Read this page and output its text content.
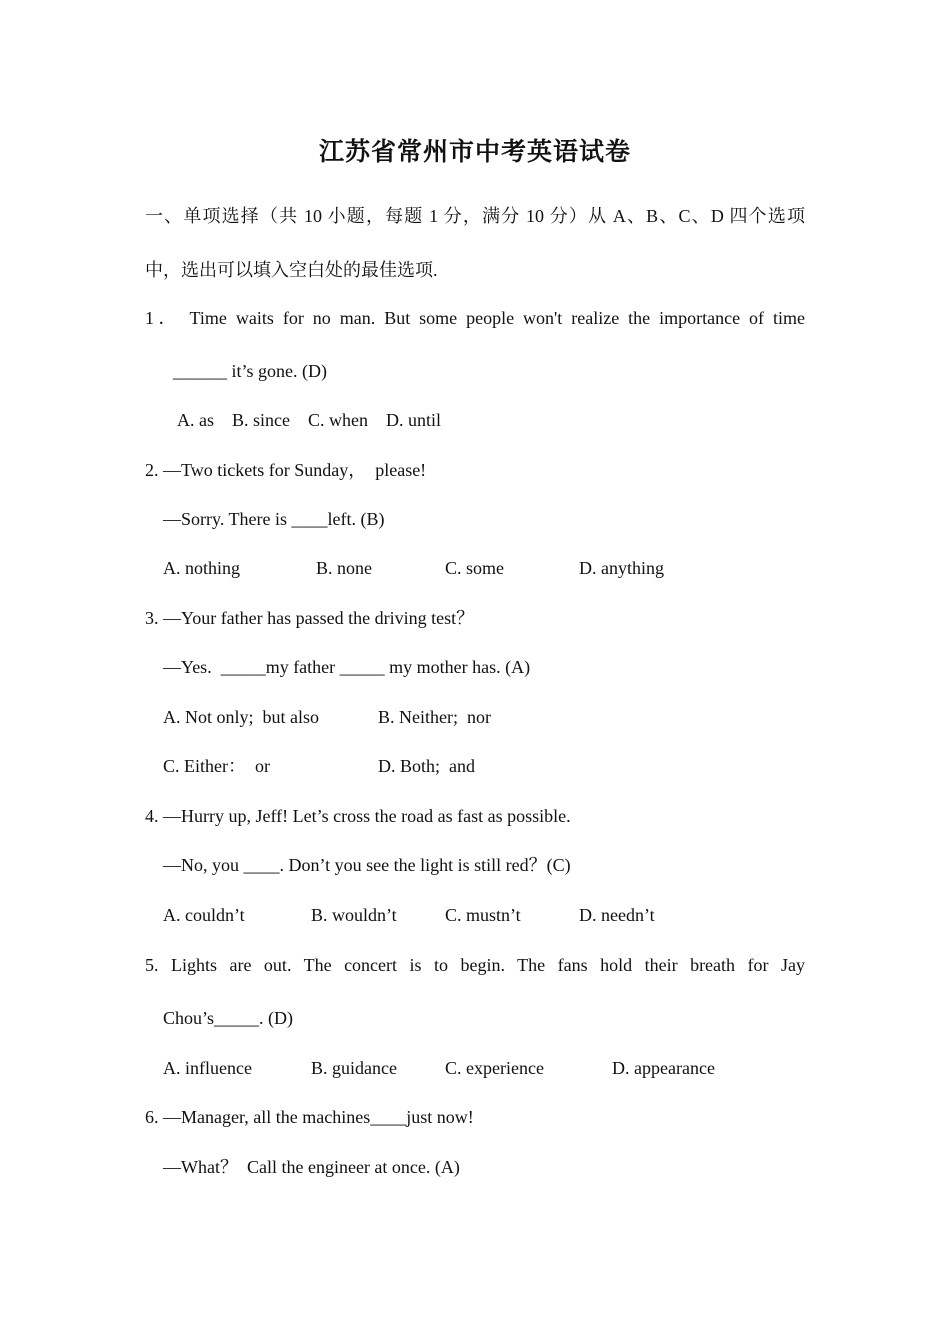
江苏省常州市中考英语试卷
一、单项选择（共 10 小题，每题 1 分，满分 10 分）从 A、B、C、D 四个选项
中，选出可以填入空白处的最佳选项.
1． Time waits for no man. But some people won't realize the importance of time
______ it’s gone. (D)
A. as    B. since    C. when    D. until
2. —Two tickets for Sunday，  please!
—Sorry. There is ____left. (B)
A. nothing	B. none	C. some	D. anything
3. —Your father has passed the driving test？
—Yes.  _____my father _____ my mother has. (A)
A. Not only;  but also	B. Neither;  nor
C. Either：  or	D. Both;  and
4. —Hurry up, Jeff! Let’s cross the road as fast as possible.
—No, you ____. Don’t you see the light is still red？(C)
A. couldn’t	B. wouldn’t	C. mustn’t	D. needn’t
5. Lights are out. The concert is to begin. The fans hold their breath for Jay
Chou’s_____. (D)
A. influence	B. guidance	C. experience	D. appearance
6. —Manager, all the machines____just now!
—What？  Call the engineer at once. (A)
